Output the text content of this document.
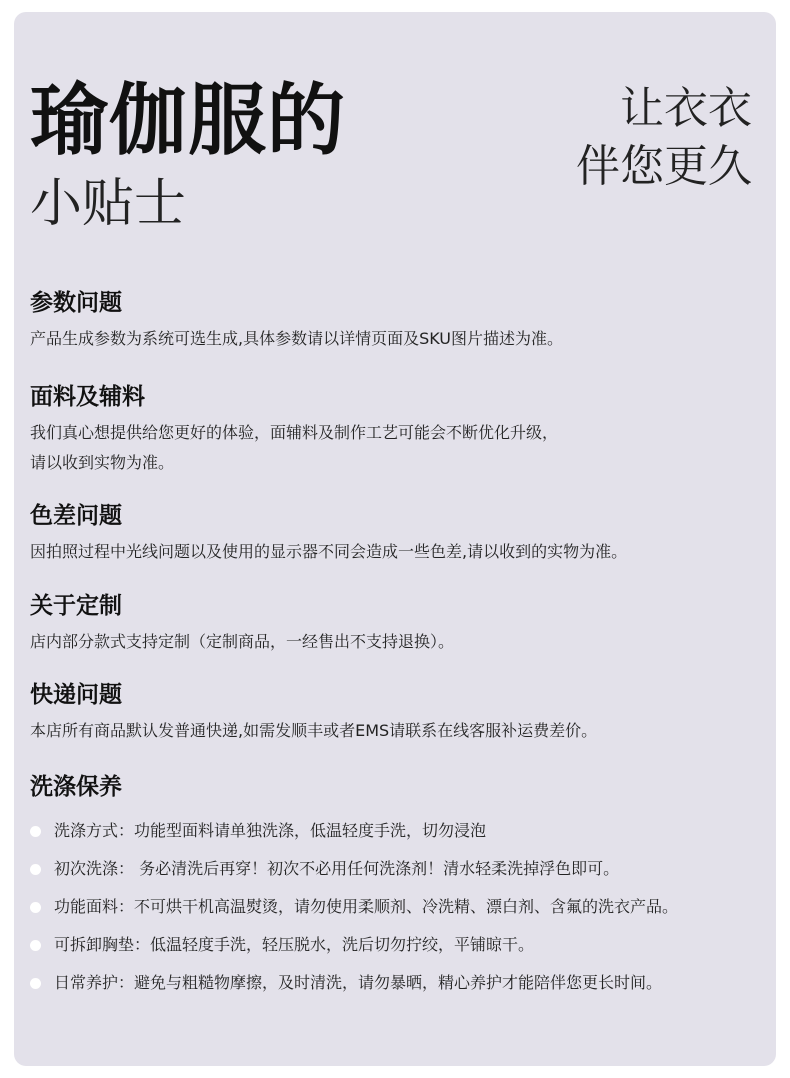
瑜伽服的
小贴士
让衣衣
伴您更久
参数问题

产品生成参数为系统可选生成,具体参数请以详情页面及SKU图片描述为准。

面料及辅料

我们真心想提供给您更好的体验，面辅料及制作工艺可能会不断优化升级，

请以收到实物为准。

色差问题

因拍照过程中光线问题以及使用的显示器不同会造成一些色差,请以收到的实物为准。

关于定制

店内部分款式支持定制（定制商品，一经售出不支持退换）。

快递问题

本店所有商品默认发普通快递,如需发顺丰或者EMS请联系在线客服补运费差价。

洗涤保养
洗涤方式：功能型面料请单独洗涤，低温轻度手洗，切勿浸泡
初次洗涤： 务必清洗后再穿！初次不必用任何洗涤剂！清水轻柔洗掉浮色即可。
功能面料：不可烘干机高温熨烫，请勿使用柔顺剂、冷洗精、漂白剂、含氟的洗衣产品。
可拆卸胸垫：低温轻度手洗，轻压脱水，洗后切勿拧绞，平铺晾干。
日常养护：避免与粗糙物摩擦，及时清洗，请勿暴晒，精心养护才能陪伴您更长时间。
